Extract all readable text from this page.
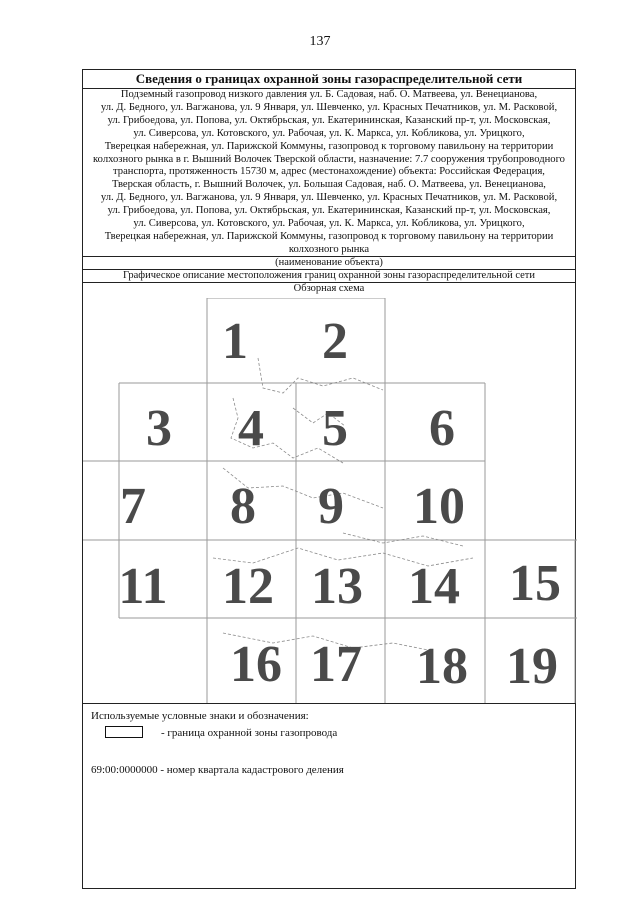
137
Сведения о границах охранной зоны газораспределительной сети
Подземный газопровод низкого давления ул. Б. Садовая, наб. О. Матвеева, ул. Венецианова,
ул. Д. Бедного, ул. Вагжанова, ул. 9 Января, ул. Шевченко, ул. Красных Печатников, ул. М. Расковой,
ул. Грибоедова, ул. Попова, ул. Октябрьская, ул. Екатерининская, Казанский пр-т, ул. Московская,
ул. Сиверсова, ул. Котовского, ул. Рабочая, ул. К. Маркса, ул. Кобликова, ул. Урицкого,
Тверецкая набережная, ул. Парижской Коммуны, газопровод к торговому павильону на территории
колхозного рынка в г. Вышний Волочек Тверской области, назначение: 7.7 сооружения трубопроводного
транспорта, протяженность 15730 м, адрес (местонахождение) объекта: Российская Федерация,
Тверская область, г. Вышний Волочек, ул. Большая Садовая, наб. О. Матвеева, ул. Венецианова,
ул. Д. Бедного, ул. Вагжанова, ул. 9 Января, ул. Шевченко, ул. Красных Печатников, ул. М. Расковой,
ул. Грибоедова, ул. Попова, ул. Октябрьская, ул. Екатерининская, Казанский пр-т, ул. Московская,
ул. Сиверсова, ул. Котовского, ул. Рабочая, ул. К. Маркса, ул. Кобликова, ул. Урицкого,
Тверецкая набережная, ул. Парижской Коммуны, газопровод к торговому павильону на территории
колхозного рынка
(наименование объекта)
Графическое описание местоположения границ охранной зоны газораспределительной сети
Обзорная схема
1 2
3 4 5 6
7 8 9 10
11 12 13 14 15
16 17 18 19
Используемые условные знаки и обозначения:
- граница охранной зоны газопровода
69:00:0000000 - номер квартала кадастрового деления
